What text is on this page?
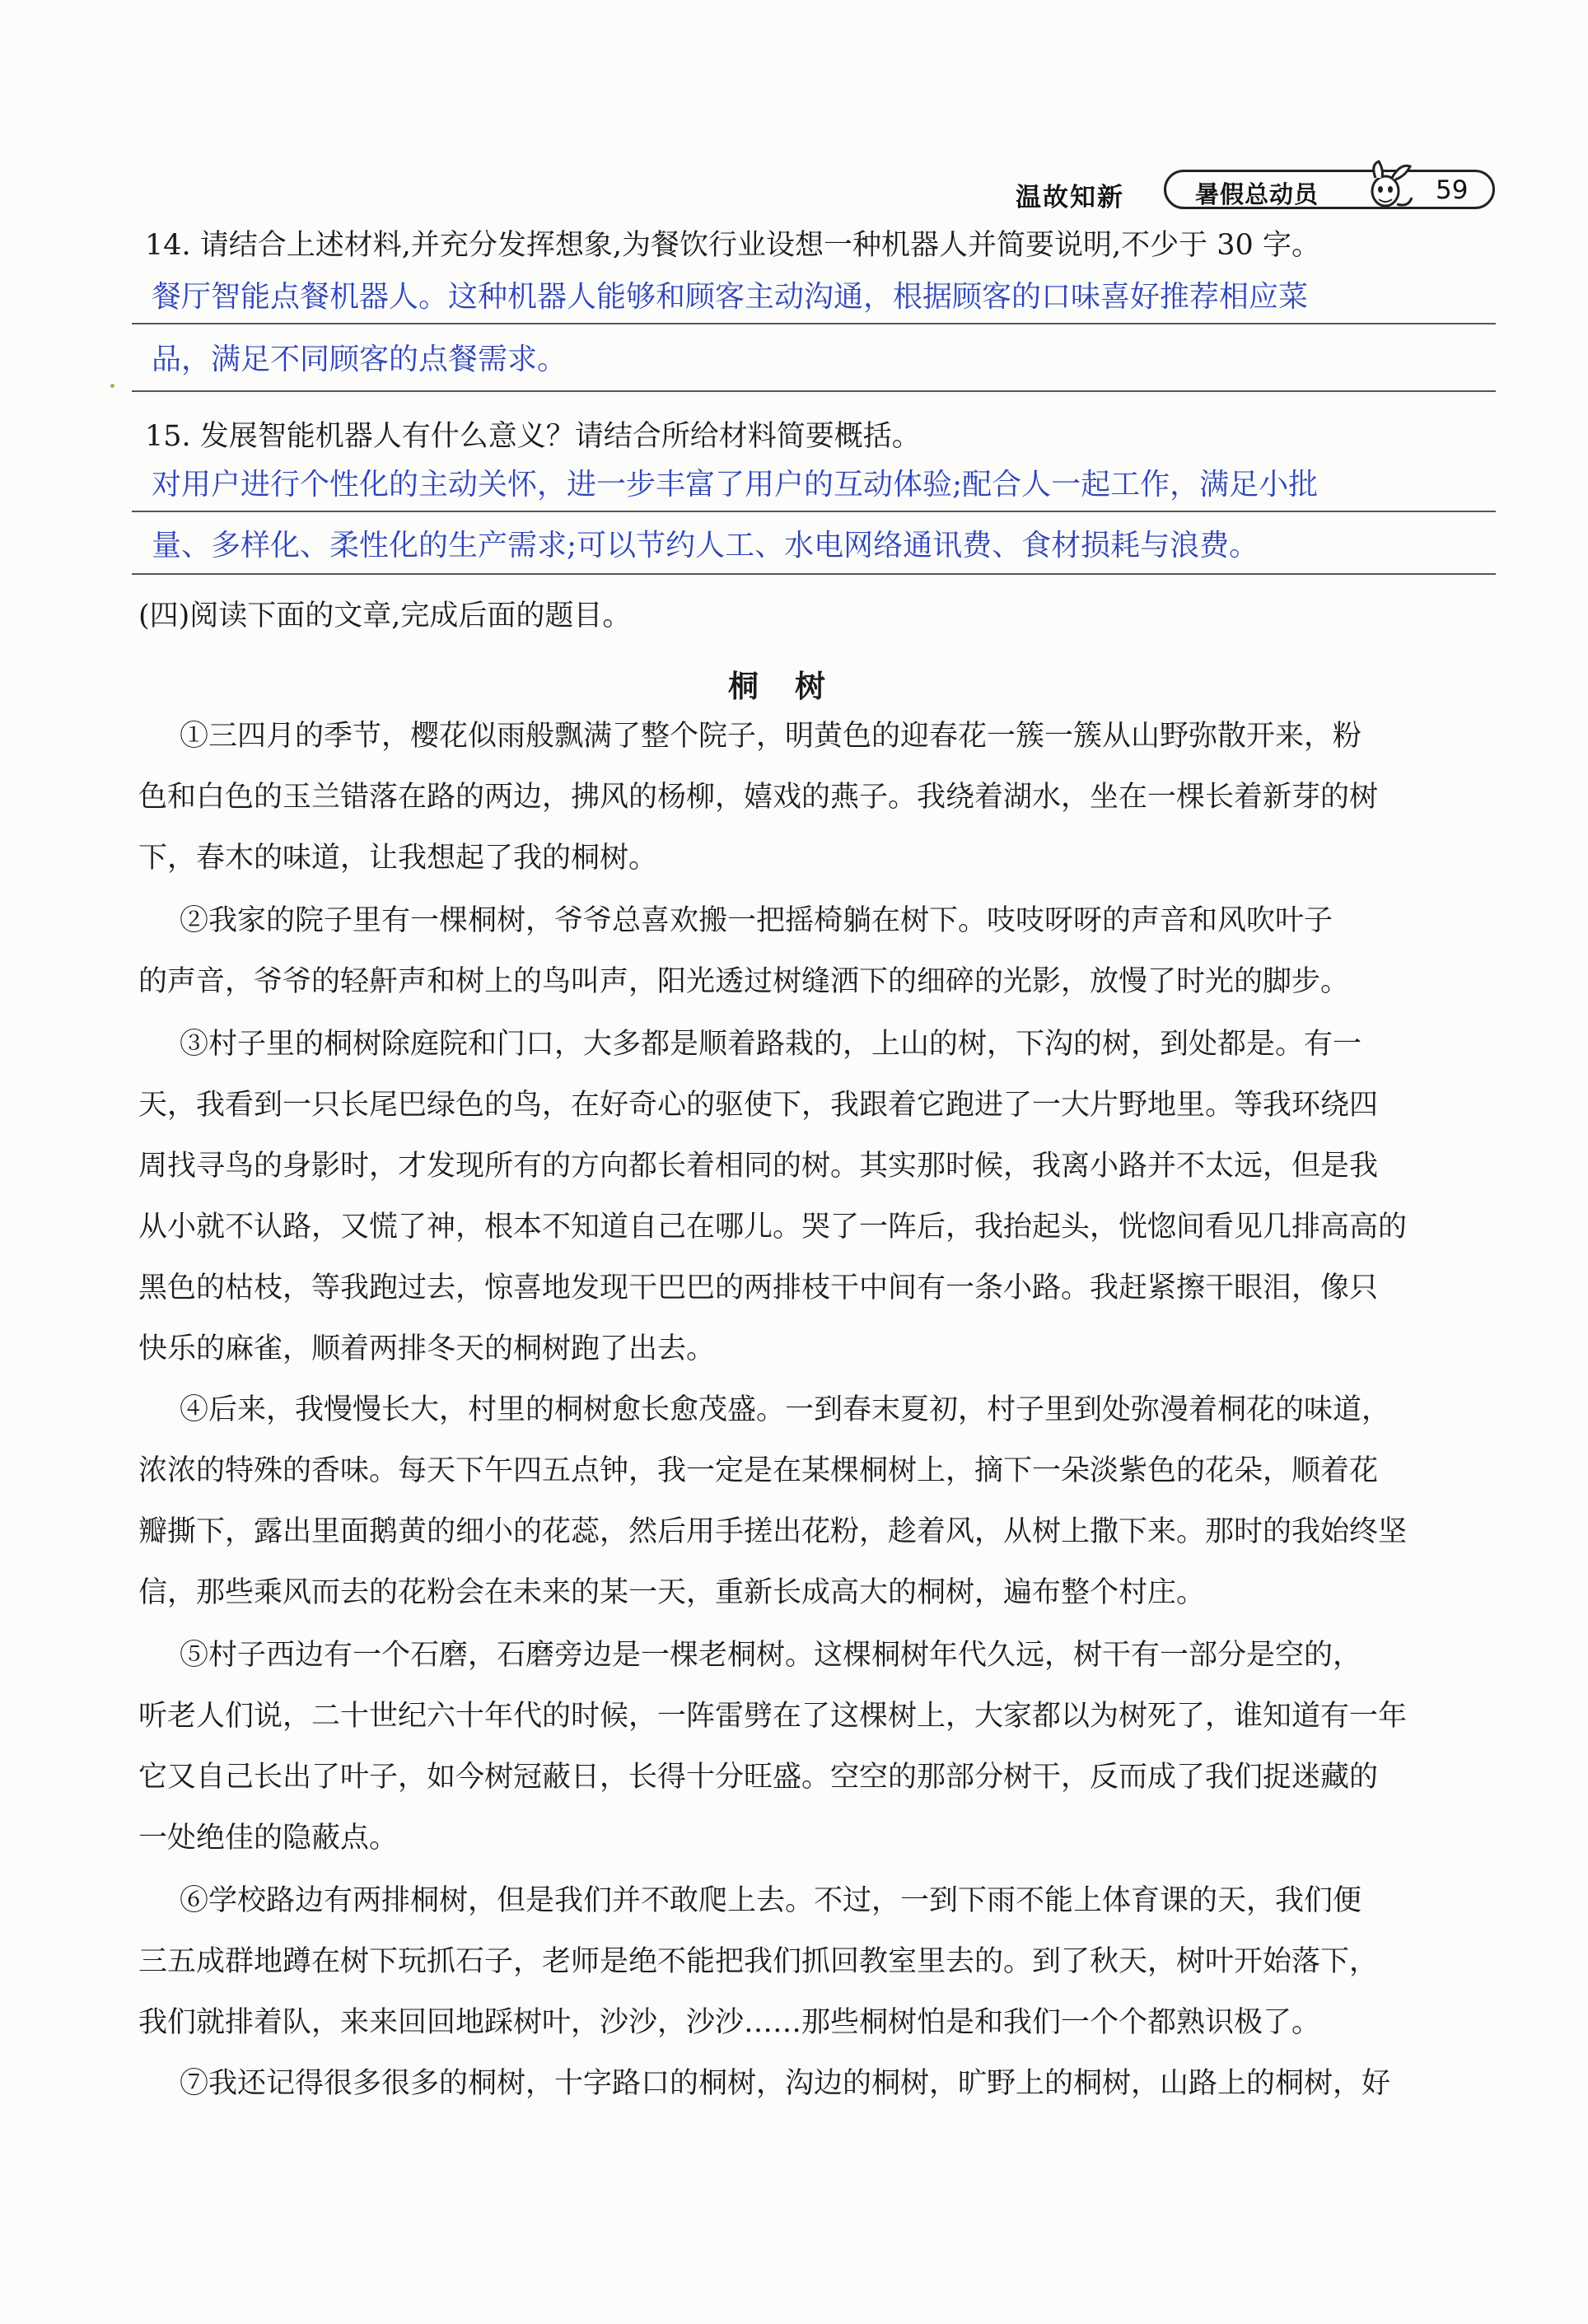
温故知新	暑假总动员	59
14. 请结合上述材料,并充分发挥想象,为餐饮行业设想一种机器人并简要说明,不少于 30 字。
餐厅智能点餐机器人。这种机器人能够和顾客主动沟通，根据顾客的口味喜好推荐相应菜
品，满足不同顾客的点餐需求。
15. 发展智能机器人有什么意义？请结合所给材料简要概括。
对用户进行个性化的主动关怀，进一步丰富了用户的互动体验;配合人一起工作，满足小批
量、多样化、柔性化的生产需求;可以节约人工、水电网络通讯费、食材损耗与浪费。
(四)阅读下面的文章,完成后面的题目。
桐树
①三四月的季节，樱花似雨般飘满了整个院子，明黄色的迎春花一簇一簇从山野弥散开来，粉
色和白色的玉兰错落在路的两边，拂风的杨柳，嬉戏的燕子。我绕着湖水，坐在一棵长着新芽的树
下，春木的味道，让我想起了我的桐树。
②我家的院子里有一棵桐树，爷爷总喜欢搬一把摇椅躺在树下。吱吱呀呀的声音和风吹叶子
的声音，爷爷的轻鼾声和树上的鸟叫声，阳光透过树缝洒下的细碎的光影，放慢了时光的脚步。
③村子里的桐树除庭院和门口，大多都是顺着路栽的，上山的树，下沟的树，到处都是。有一
天，我看到一只长尾巴绿色的鸟，在好奇心的驱使下，我跟着它跑进了一大片野地里。等我环绕四
周找寻鸟的身影时，才发现所有的方向都长着相同的树。其实那时候，我离小路并不太远，但是我
从小就不认路，又慌了神，根本不知道自己在哪儿。哭了一阵后，我抬起头，恍惚间看见几排高高的
黑色的枯枝，等我跑过去，惊喜地发现干巴巴的两排枝干中间有一条小路。我赶紧擦干眼泪，像只
快乐的麻雀，顺着两排冬天的桐树跑了出去。
④后来，我慢慢长大，村里的桐树愈长愈茂盛。一到春末夏初，村子里到处弥漫着桐花的味道，
浓浓的特殊的香味。每天下午四五点钟，我一定是在某棵桐树上，摘下一朵淡紫色的花朵，顺着花
瓣撕下，露出里面鹅黄的细小的花蕊，然后用手搓出花粉，趁着风，从树上撒下来。那时的我始终坚
信，那些乘风而去的花粉会在未来的某一天，重新长成高大的桐树，遍布整个村庄。
⑤村子西边有一个石磨，石磨旁边是一棵老桐树。这棵桐树年代久远，树干有一部分是空的，
听老人们说，二十世纪六十年代的时候，一阵雷劈在了这棵树上，大家都以为树死了，谁知道有一年
它又自己长出了叶子，如今树冠蔽日，长得十分旺盛。空空的那部分树干，反而成了我们捉迷藏的
一处绝佳的隐蔽点。
⑥学校路边有两排桐树，但是我们并不敢爬上去。不过，一到下雨不能上体育课的天，我们便
三五成群地蹲在树下玩抓石子，老师是绝不能把我们抓回教室里去的。到了秋天，树叶开始落下，
我们就排着队，来来回回地踩树叶，沙沙，沙沙……那些桐树怕是和我们一个个都熟识极了。
⑦我还记得很多很多的桐树，十字路口的桐树，沟边的桐树，旷野上的桐树，山路上的桐树，好
